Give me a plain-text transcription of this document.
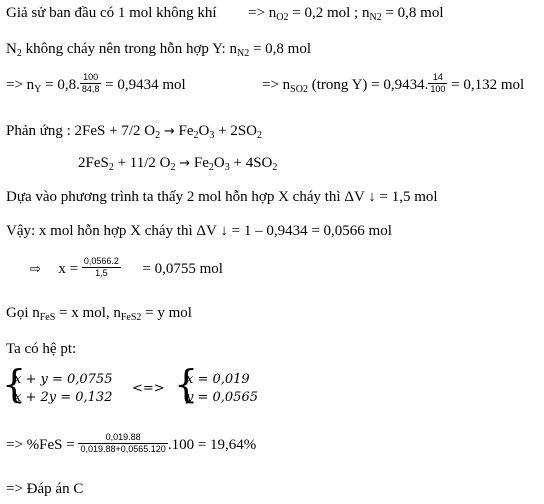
Giả sử ban đầu có 1 mol không khí => $n_{O2} = 0,2$ mol ; $n_{N2} = 0,8$ mol
$N_2$ không cháy nên trong hỗn hợp Y: $n_{N2} = 0,8$ mol
=> $n_Y = 0,8$. $\frac{100}{84,8} = 0,9434$ mol	=> $n_{SO2}$ (trong Y) = 0,9434. $\frac{14}{100} = 0,132$ mol
Phản ứng : 2FeS + 7/2 $O_2 \to Fe_2O_3 + 2SO_2$
2FeS$_2$ + 11/2 $O_2 \to Fe_2O_3 + 4SO_2$
Dựa vào phương trình ta thấy 2 mol hỗn hợp X cháy thì ΔV ↓ = 1,5 mol
Vậy: x mol hỗn hợp X cháy thì ΔV ↓ = 1 – 0,9434 = 0,0566 mol
⇨ $x = \frac{0,0566.2}{1,5} = 0,0755$ mol
Gọi $n_{FeS} = x$ mol, $n_{FeS2} = y$ mol
Ta có hệ pt:
{
x + y = 0,0755
x + 2y = 0,132
<=> {
x = 0,019
y = 0,0565
=> $\%FeS = \frac{0,019.88}{0,019.88+0,0565.120} .100 = 19,64\%$
=> Đáp án C
